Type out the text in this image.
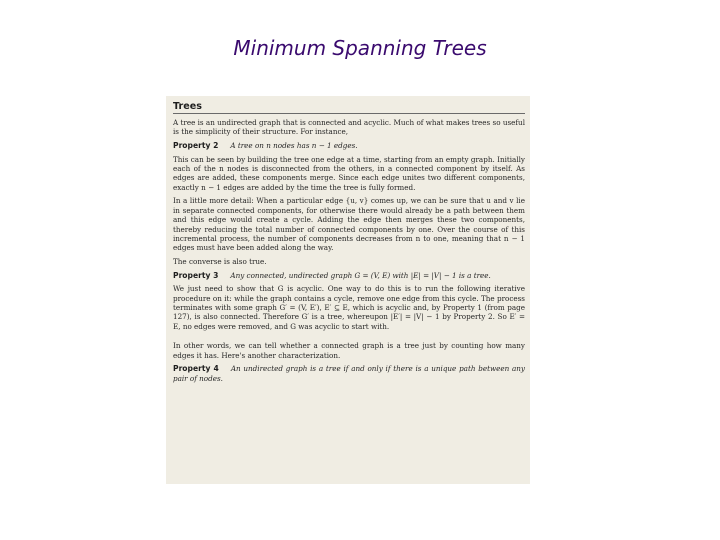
Minimum Spanning Trees
Trees

A tree is an undirected graph that is connected and acyclic. Much of what makes trees so useful is the simplicity of their structure. For instance,

Property 2 A tree on n nodes has n − 1 edges.

This can be seen by building the tree one edge at a time, starting from an empty graph. Initially each of the n nodes is disconnected from the others, in a connected component by itself. As edges are added, these components merge. Since each edge unites two different components, exactly n − 1 edges are added by the time the tree is fully formed.

In a little more detail: When a particular edge {u, v} comes up, we can be sure that u and v lie in separate connected components, for otherwise there would already be a path between them and this edge would create a cycle. Adding the edge then merges these two components, thereby reducing the total number of connected components by one. Over the course of this incremental process, the number of components decreases from n to one, meaning that n − 1 edges must have been added along the way.

The converse is also true.

Property 3 Any connected, undirected graph G = (V, E) with |E| = |V| − 1 is a tree.

We just need to show that G is acyclic. One way to do this is to run the following iterative procedure on it: while the graph contains a cycle, remove one edge from this cycle. The process terminates with some graph G′ = (V, E′), E′ ⊆ E, which is acyclic and, by Property 1 (from page 127), is also connected. Therefore G′ is a tree, whereupon |E′| = |V| − 1 by Property 2. So E′ = E, no edges were removed, and G was acyclic to start with.

In other words, we can tell whether a connected graph is a tree just by counting how many edges it has. Here's another characterization.

Property 4 An undirected graph is a tree if and only if there is a unique path between any pair of nodes.
